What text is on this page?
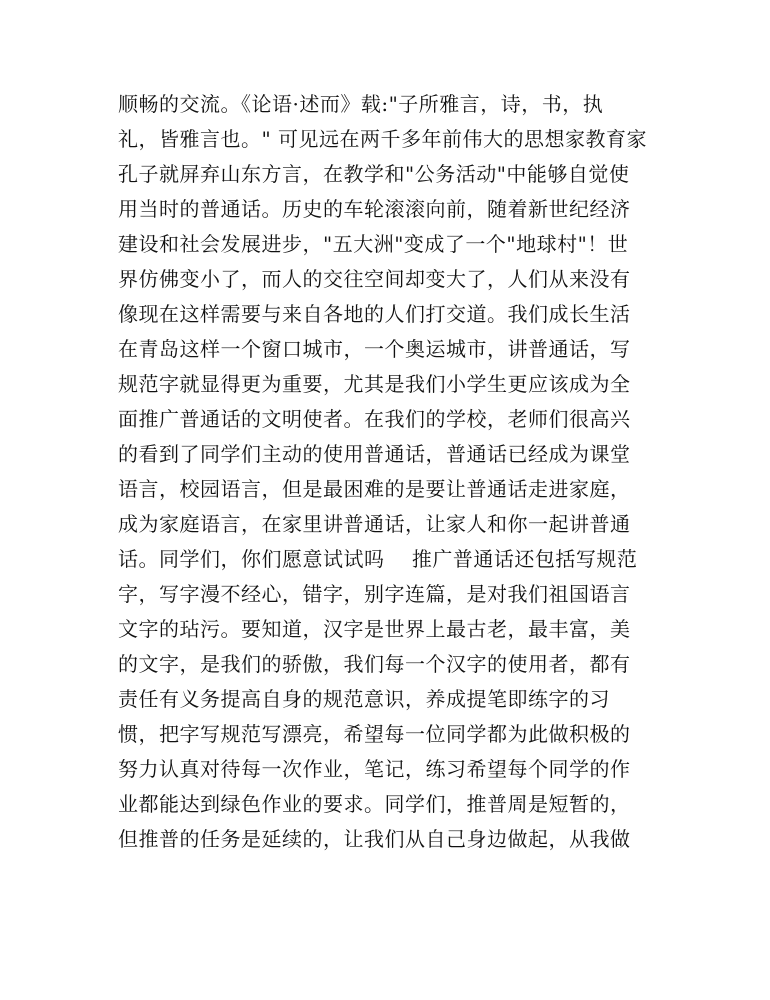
顺畅的交流。《论语·述而》载:"子所雅言，诗，书，执
礼，皆雅言也。" 可见远在两千多年前伟大的思想家教育家
孔子就屏弃山东方言，在教学和"公务活动"中能够自觉使
用当时的普通话。历史的车轮滚滚向前，随着新世纪经济
建设和社会发展进步，"五大洲"变成了一个"地球村"！世
界仿佛变小了，而人的交往空间却变大了，人们从来没有
像现在这样需要与来自各地的人们打交道。我们成长生活
在青岛这样一个窗口城市，一个奥运城市，讲普通话，写
规范字就显得更为重要，尤其是我们小学生更应该成为全
面推广普通话的文明使者。在我们的学校，老师们很高兴
的看到了同学们主动的使用普通话，普通话已经成为课堂
语言，校园语言，但是最困难的是要让普通话走进家庭，
成为家庭语言，在家里讲普通话，让家人和你一起讲普通
话。同学们，你们愿意试试吗    推广普通话还包括写规范
字，写字漫不经心，错字，别字连篇，是对我们祖国语言
文字的玷污。要知道，汉字是世界上最古老，最丰富，美
的文字，是我们的骄傲，我们每一个汉字的使用者，都有
责任有义务提高自身的规范意识，养成提笔即练字的习
惯，把字写规范写漂亮，希望每一位同学都为此做积极的
努力认真对待每一次作业，笔记，练习希望每个同学的作
业都能达到绿色作业的要求。同学们，推普周是短暂的，
但推普的任务是延续的，让我们从自己身边做起，从我做
